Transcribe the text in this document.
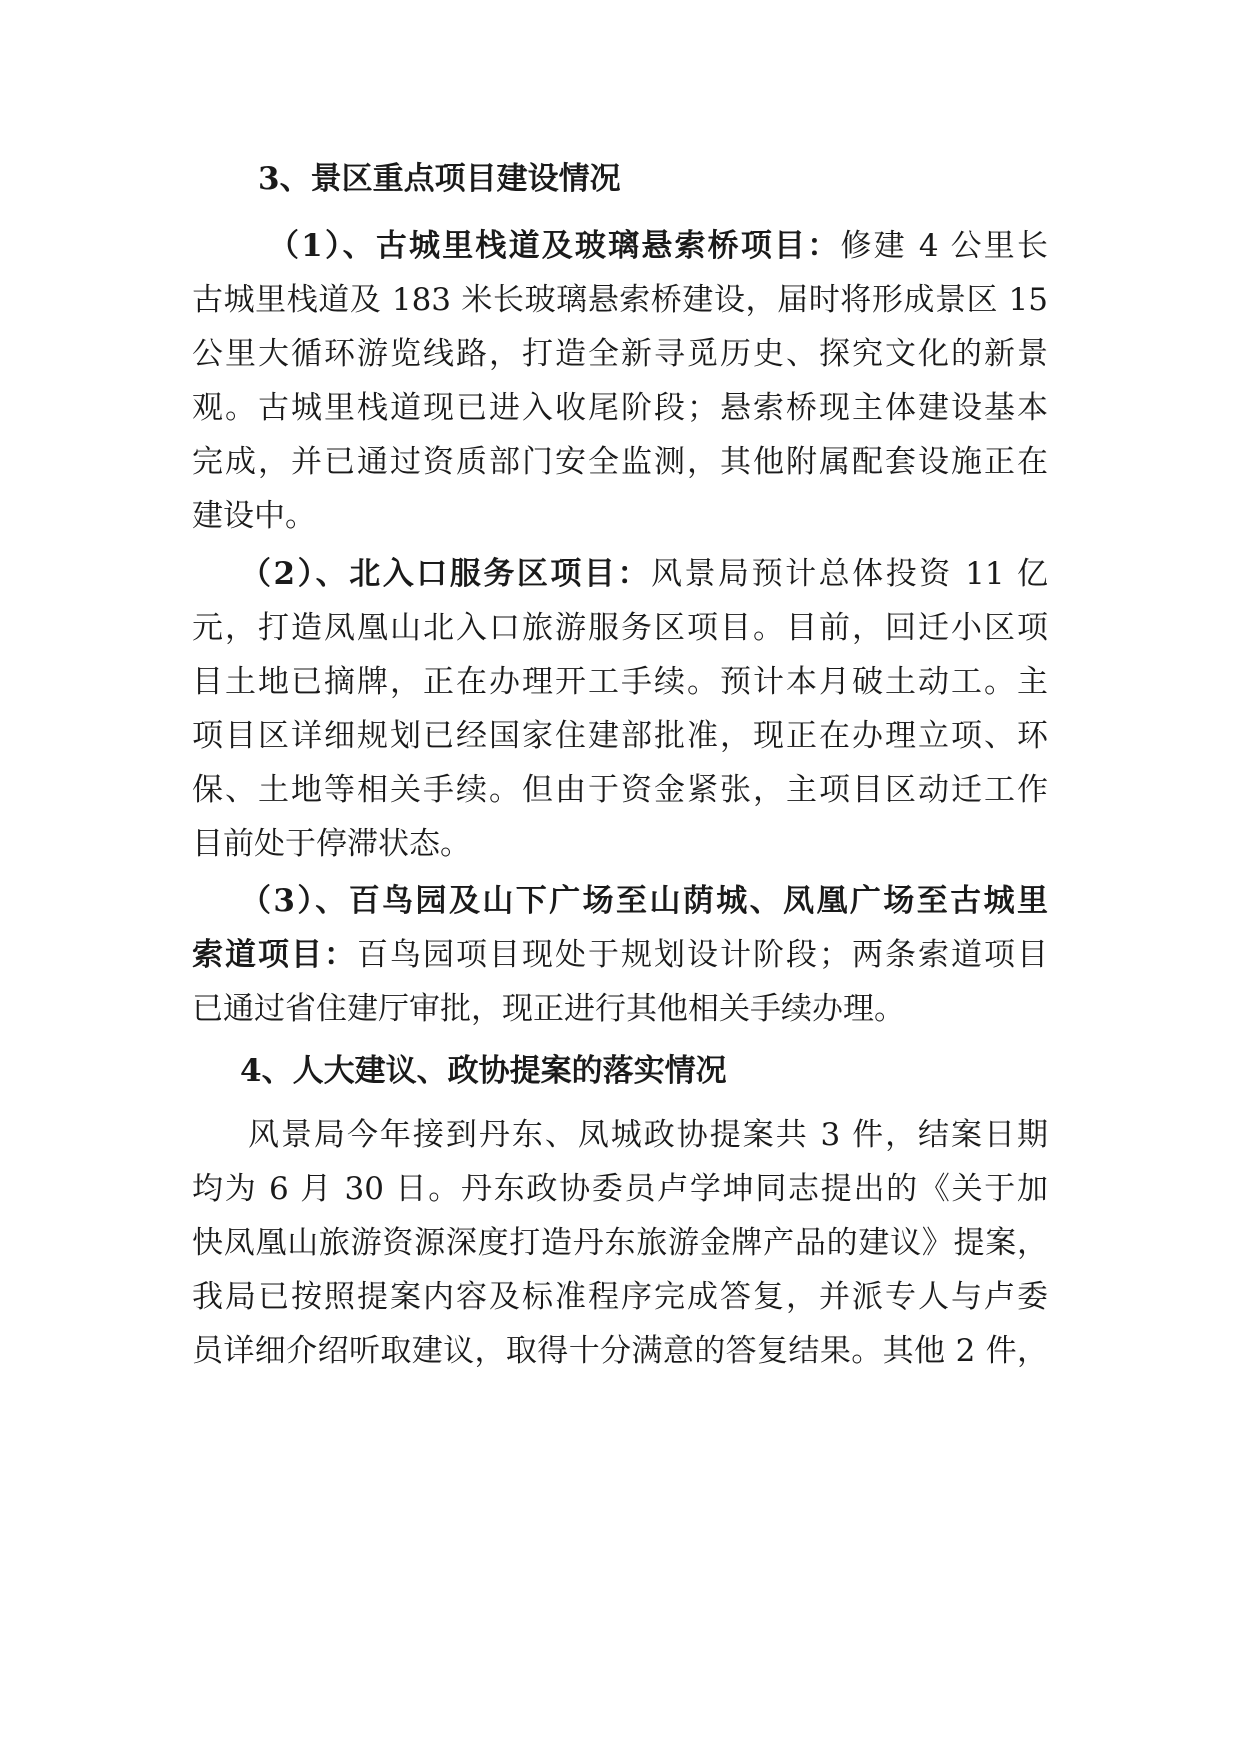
3、景区重点项目建设情况
（1）、古城里栈道及玻璃悬索桥项目：修建 4 公里长
古城里栈道及 183 米长玻璃悬索桥建设，届时将形成景区 15
公里大循环游览线路，打造全新寻觅历史、探究文化的新景
观。古城里栈道现已进入收尾阶段；悬索桥现主体建设基本
完成，并已通过资质部门安全监测，其他附属配套设施正在
建设中。
（2）、北入口服务区项目：风景局预计总体投资 11 亿
元，打造凤凰山北入口旅游服务区项目。目前，回迁小区项
目土地已摘牌，正在办理开工手续。预计本月破土动工。主
项目区详细规划已经国家住建部批准，现正在办理立项、环
保、土地等相关手续。但由于资金紧张，主项目区动迁工作
目前处于停滞状态。
（3）、百鸟园及山下广场至山荫城、凤凰广场至古城里
索道项目：百鸟园项目现处于规划设计阶段；两条索道项目
已通过省住建厅审批，现正进行其他相关手续办理。
4、人大建议、政协提案的落实情况
风景局今年接到丹东、凤城政协提案共 3 件，结案日期
均为 6 月 30 日。丹东政协委员卢学坤同志提出的《关于加
快凤凰山旅游资源深度打造丹东旅游金牌产品的建议》提案，
我局已按照提案内容及标准程序完成答复，并派专人与卢委
员详细介绍听取建议，取得十分满意的答复结果。其他 2 件，
